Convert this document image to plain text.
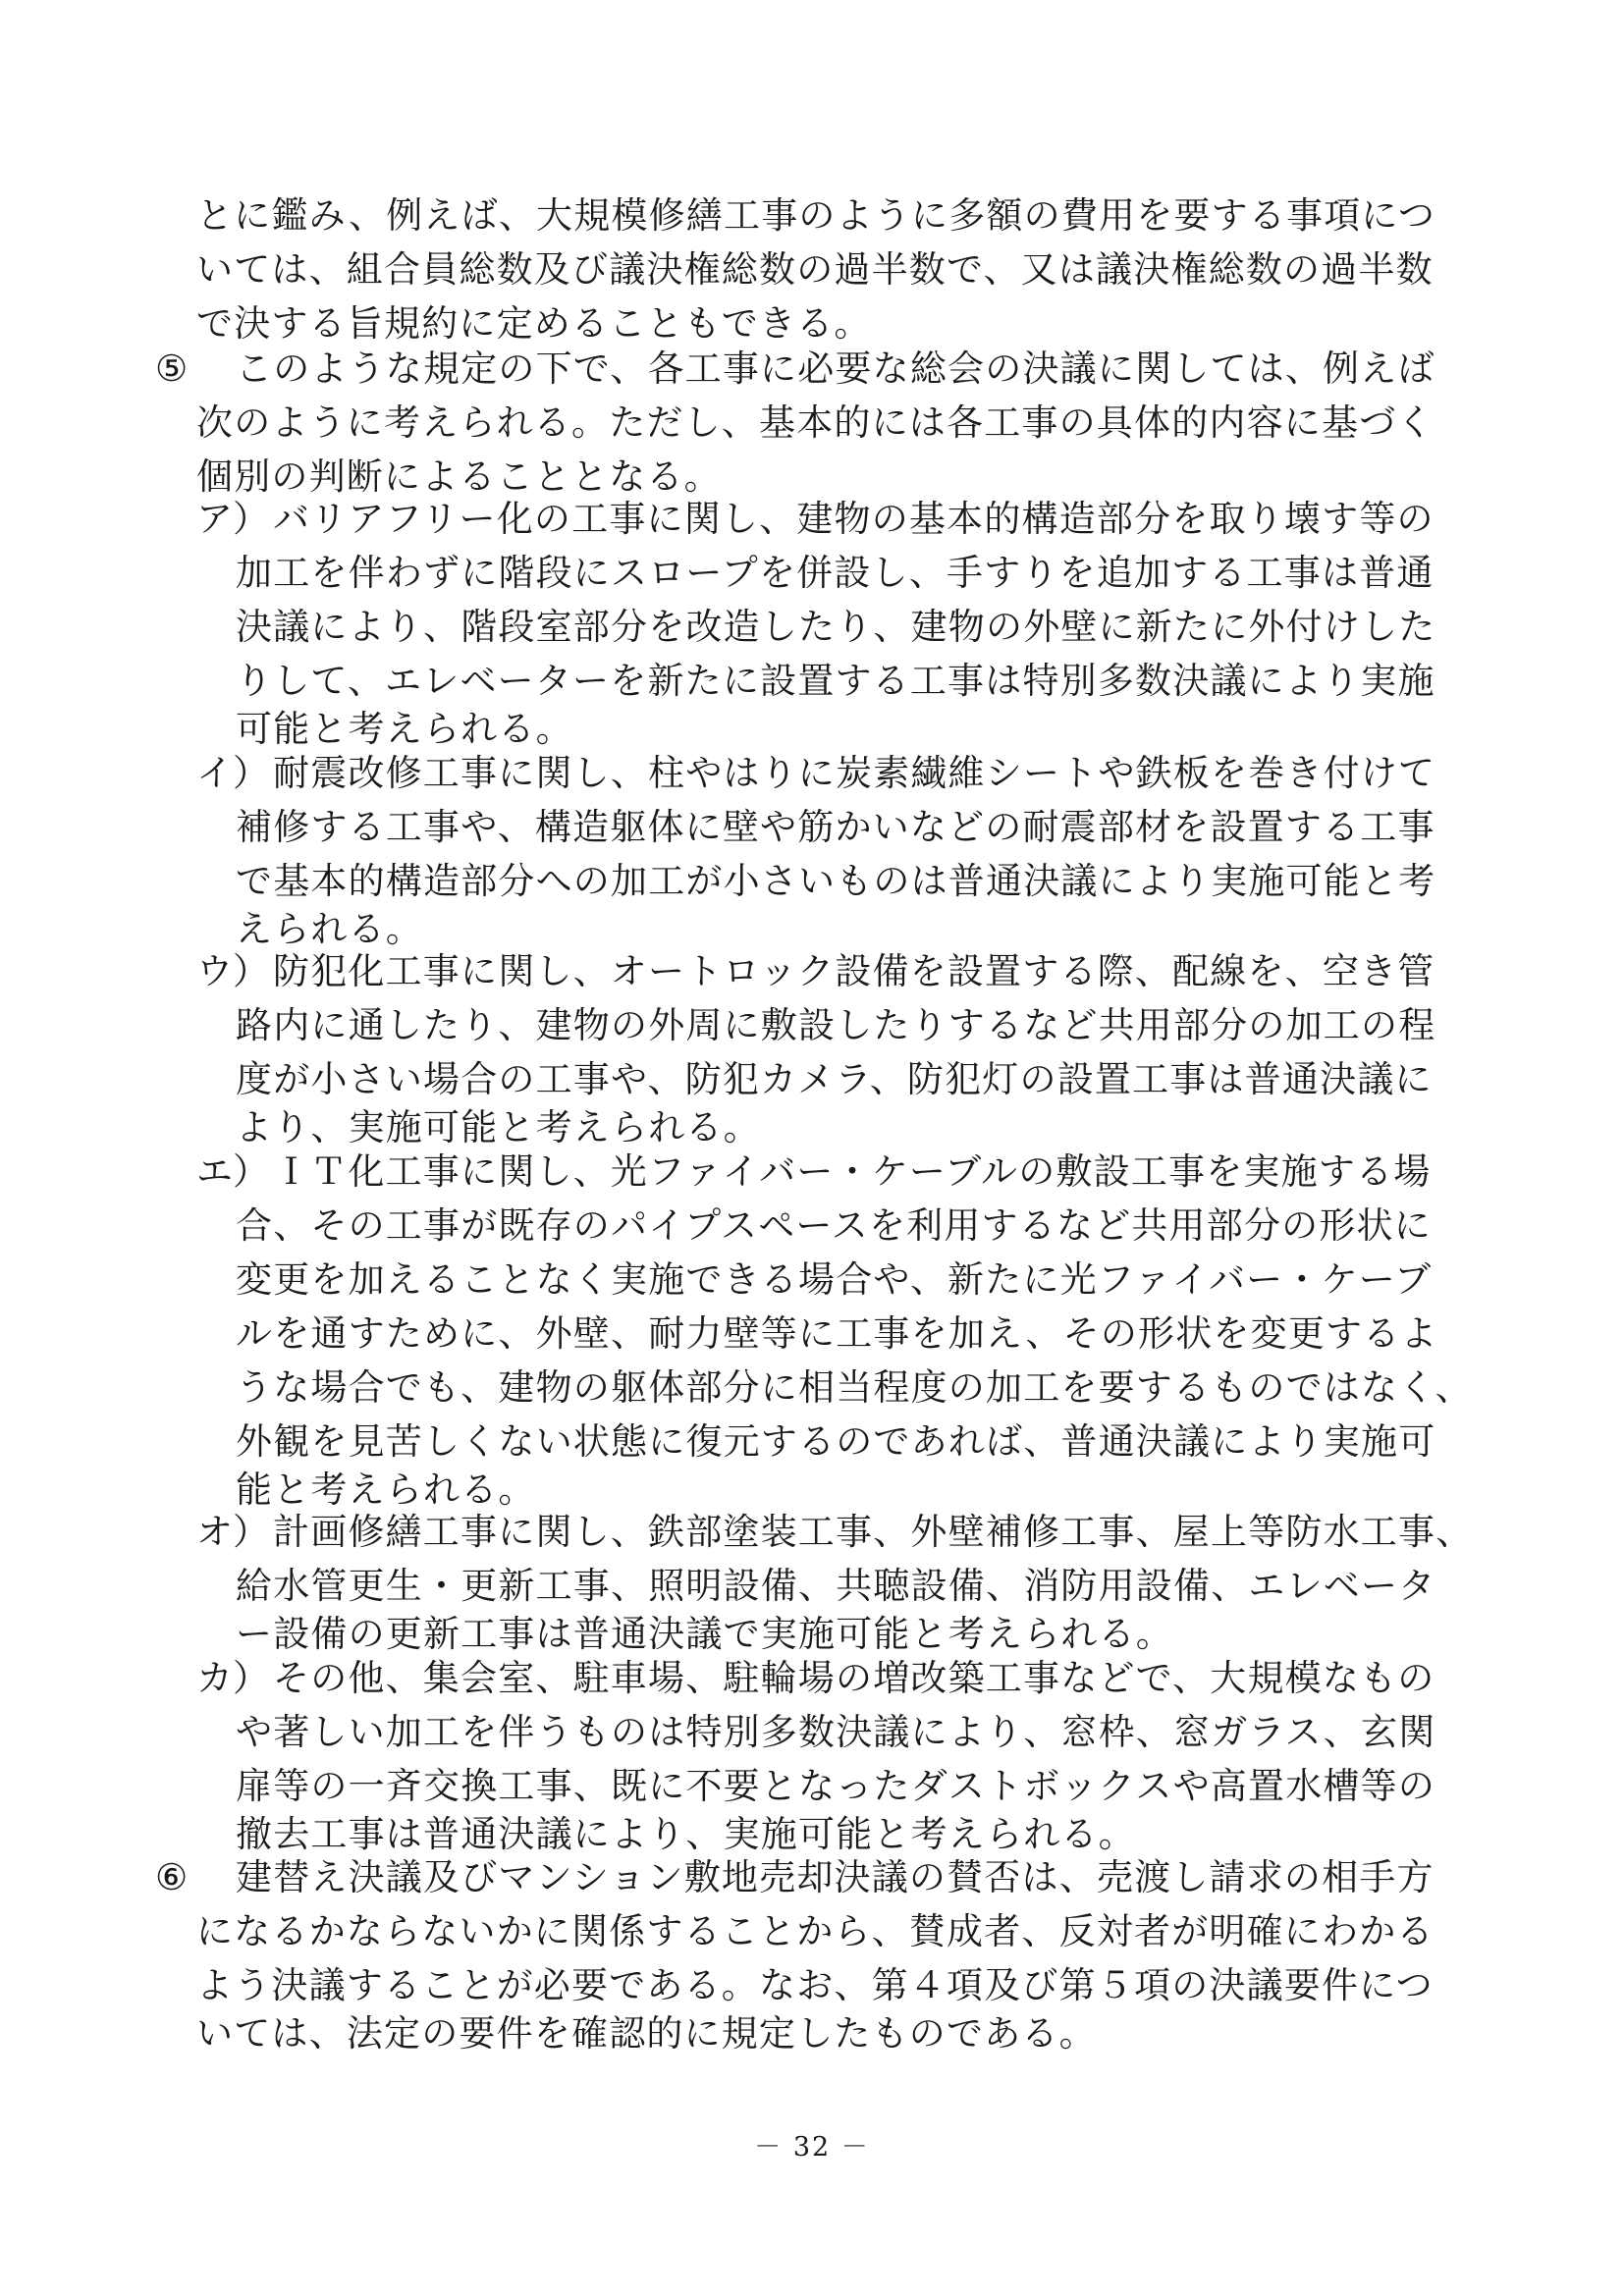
とに鑑み、例えば、大規模修繕工事のように多額の費用を要する事項につ
いては、組合員総数及び議決権総数の過半数で、又は議決権総数の過半数
で決する旨規約に定めることもできる。
⑤ このような規定の下で、各工事に必要な総会の決議に関しては、例えば
次のように考えられる。ただし、基本的には各工事の具体的内容に基づく
個別の判断によることとなる。
ア） バリアフリー化の工事に関し、建物の基本的構造部分を取り壊す等の
加工を伴わずに階段にスロープを併設し、手すりを追加する工事は普通
決議により、階段室部分を改造したり、建物の外壁に新たに外付けした
りして、エレベーターを新たに設置する工事は特別多数決議により実施
可能と考えられる。
イ） 耐震改修工事に関し、柱やはりに炭素繊維シートや鉄板を巻き付けて
補修する工事や、構造躯体に壁や筋かいなどの耐震部材を設置する工事
で基本的構造部分への加工が小さいものは普通決議により実施可能と考
えられる。
ウ） 防犯化工事に関し、オートロック設備を設置する際、配線を、空き管
路内に通したり、建物の外周に敷設したりするなど共用部分の加工の程
度が小さい場合の工事や、防犯カメラ、防犯灯の設置工事は普通決議に
より、実施可能と考えられる。
エ） ＩＴ化工事に関し、光ファイバー・ケーブルの敷設工事を実施する場
合、その工事が既存のパイプスペースを利用するなど共用部分の形状に
変更を加えることなく実施できる場合や、新たに光ファイバー・ケーブ
ルを通すために、外壁、耐力壁等に工事を加え、その形状を変更するよ
うな場合でも、建物の躯体部分に相当程度の加工を要するものではなく、
外観を見苦しくない状態に復元するのであれば、普通決議により実施可
能と考えられる。
オ） 計画修繕工事に関し、鉄部塗装工事、外壁補修工事、屋上等防水工事、
給水管更生・更新工事、照明設備、共聴設備、消防用設備、エレベータ
ー設備の更新工事は普通決議で実施可能と考えられる。
カ） その他、集会室、駐車場、駐輪場の増改築工事などで、大規模なもの
や著しい加工を伴うものは特別多数決議により、窓枠、窓ガラス、玄関
扉等の一斉交換工事、既に不要となったダストボックスや高置水槽等の
撤去工事は普通決議により、実施可能と考えられる。
⑥ 建替え決議及びマンション敷地売却決議の賛否は、売渡し請求の相手方
になるかならないかに関係することから、賛成者、反対者が明確にわかる
よう決議することが必要である。なお、第４項及び第５項の決議要件につ
いては、法定の要件を確認的に規定したものである。
－ 32 －
